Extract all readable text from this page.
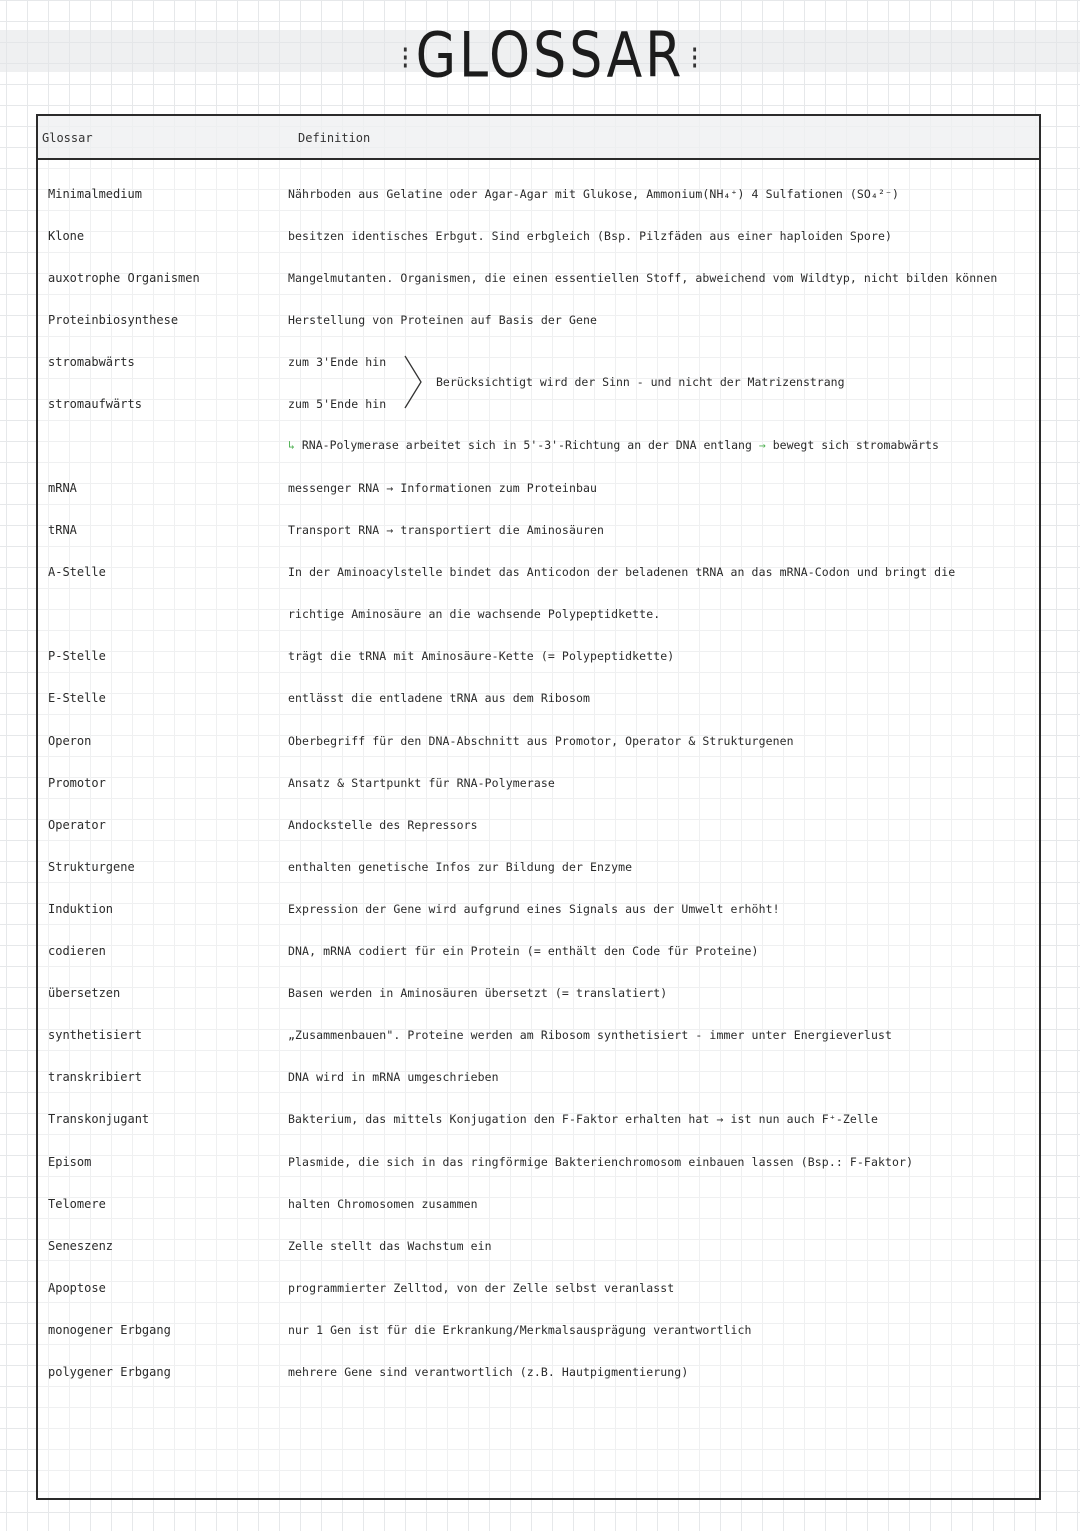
⁝ GLOSSAR ⁝
Glossar	Definition
Minimalmedium	Nährboden aus Gelatine oder Agar-Agar mit Glukose, Ammonium(NH₄⁺) 4 Sulfationen (SO₄²⁻)
Klone	besitzen identisches Erbgut. Sind erbgleich (Bsp. Pilzfäden aus einer haploiden Spore)
auxotrophe Organismen	Mangelmutanten. Organismen, die einen essentiellen Stoff, abweichend vom Wildtyp, nicht bilden können
Proteinbiosynthese	Herstellung von Proteinen auf Basis der Gene
stromabwärts	zum 3'Ende hin
stromaufwärts	zum 5'Ende hin
Berücksichtigt wird der Sinn - und nicht der Matrizenstrang
↳ RNA-Polymerase arbeitet sich in 5'-3'-Richtung an der DNA entlang → bewegt sich stromabwärts
mRNA	messenger RNA → Informationen zum Proteinbau
tRNA	Transport RNA → transportiert die Aminosäuren
A-Stelle	In der Aminoacylstelle bindet das Anticodon der beladenen tRNA an das mRNA-Codon und bringt die
richtige Aminosäure an die wachsende Polypeptidkette.
P-Stelle	trägt die tRNA mit Aminosäure-Kette (= Polypeptidkette)
E-Stelle	entlässt die entladene tRNA aus dem Ribosom
Operon	Oberbegriff für den DNA-Abschnitt aus Promotor, Operator & Strukturgenen
Promotor	Ansatz & Startpunkt für RNA-Polymerase
Operator	Andockstelle des Repressors
Strukturgene	enthalten genetische Infos zur Bildung der Enzyme
Induktion	Expression der Gene wird aufgrund eines Signals aus der Umwelt erhöht!
codieren	DNA, mRNA codiert für ein Protein (= enthält den Code für Proteine)
übersetzen	Basen werden in Aminosäuren übersetzt (= translatiert)
synthetisiert	„Zusammenbauen". Proteine werden am Ribosom synthetisiert - immer unter Energieverlust
transkribiert	DNA wird in mRNA umgeschrieben
Transkonjugant	Bakterium, das mittels Konjugation den F-Faktor erhalten hat → ist nun auch F⁺-Zelle
Episom	Plasmide, die sich in das ringförmige Bakterienchromosom einbauen lassen (Bsp.: F-Faktor)
Telomere	halten Chromosomen zusammen
Seneszenz	Zelle stellt das Wachstum ein
Apoptose	programmierter Zelltod, von der Zelle selbst veranlasst
monogener Erbgang	nur 1 Gen ist für die Erkrankung/Merkmalsausprägung verantwortlich
polygener Erbgang	mehrere Gene sind verantwortlich (z.B. Hautpigmentierung)
